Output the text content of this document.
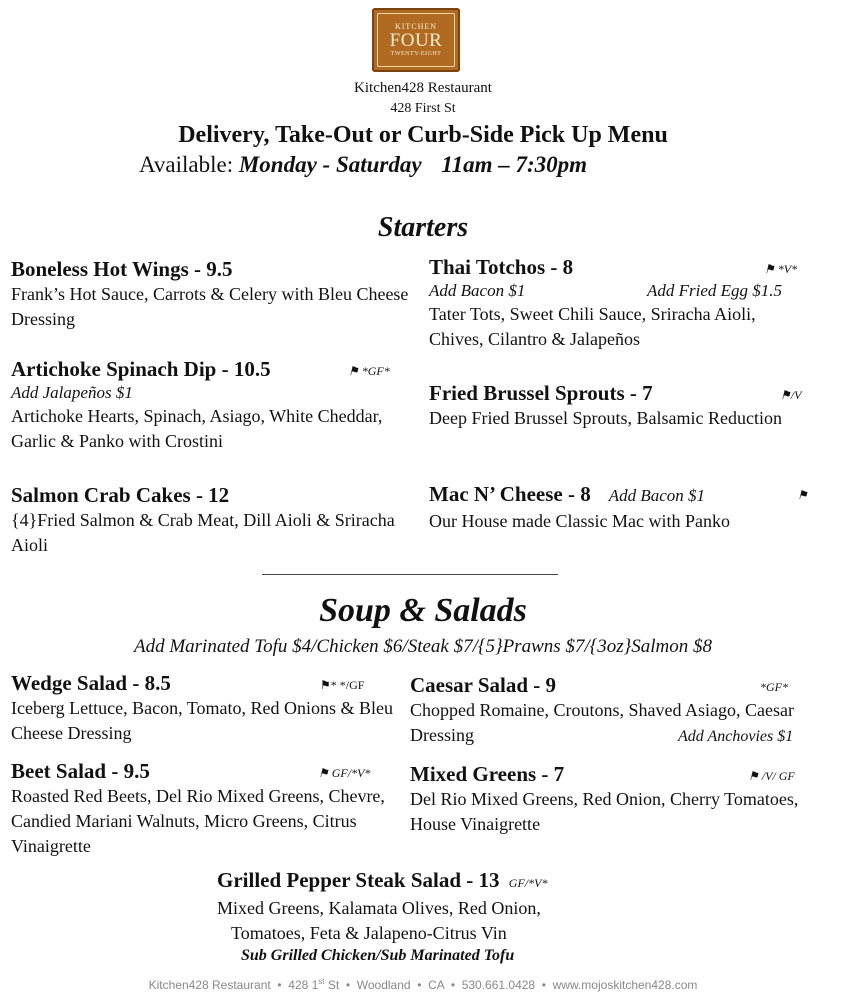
KITCHEN
FOUR
TWENTY-EIGHT
Kitchen428 Restaurant
428 First St
Delivery, Take-Out or Curb-Side Pick Up Menu
Available: Monday - Saturday 11am – 7:30pm
Starters
Boneless Hot Wings - 9.5
Frank’s Hot Sauce, Carrots & Celery with Bleu Cheese Dressing
Artichoke Spinach Dip - 10.5
Add Jalapeños $1
Artichoke Hearts, Spinach, Asiago, White Cheddar, Garlic & Panko with Crostini
⚑ *GF*
Salmon Crab Cakes - 12
{4}Fried Salmon & Crab Meat, Dill Aioli & Sriracha Aioli
Thai Totchos - 8
Add Bacon $1	Add Fried Egg $1.5
Tater Tots, Sweet Chili Sauce, Sriracha Aioli, Chives, Cilantro & Jalapeños
⚑ *V*
Fried Brussel Sprouts - 7
Deep Fried Brussel Sprouts, Balsamic Reduction
⚑/V
Mac N’ Cheese - 8 Add Bacon $1
Our House made Classic Mac with Panko
⚑
Soup & Salads
Add Marinated Tofu $4/Chicken $6/Steak $7/{5}Prawns $7/{3oz}Salmon $8
Wedge Salad - 8.5
Iceberg Lettuce, Bacon, Tomato, Red Onions & Bleu Cheese Dressing
⚑* */GF
Beet Salad - 9.5
Roasted Red Beets, Del Rio Mixed Greens, Chevre, Candied Mariani Walnuts, Micro Greens, Citrus Vinaigrette
⚑ GF/*V*
Caesar Salad - 9
Chopped Romaine, Croutons, Shaved Asiago, Caesar Dressing
*GF*
Add Anchovies $1
Mixed Greens - 7
Del Rio Mixed Greens, Red Onion, Cherry Tomatoes, House Vinaigrette
⚑ /V/ GF
Grilled Pepper Steak Salad - 13 GF/*V*
Mixed Greens, Kalamata Olives, Red Onion,
Tomatoes, Feta & Jalapeno-Citrus Vin
Sub Grilled Chicken/Sub Marinated Tofu
Kitchen428 Restaurant • 428 1st St • Woodland • CA • 530.661.0428 • www.mojoskitchen428.com
